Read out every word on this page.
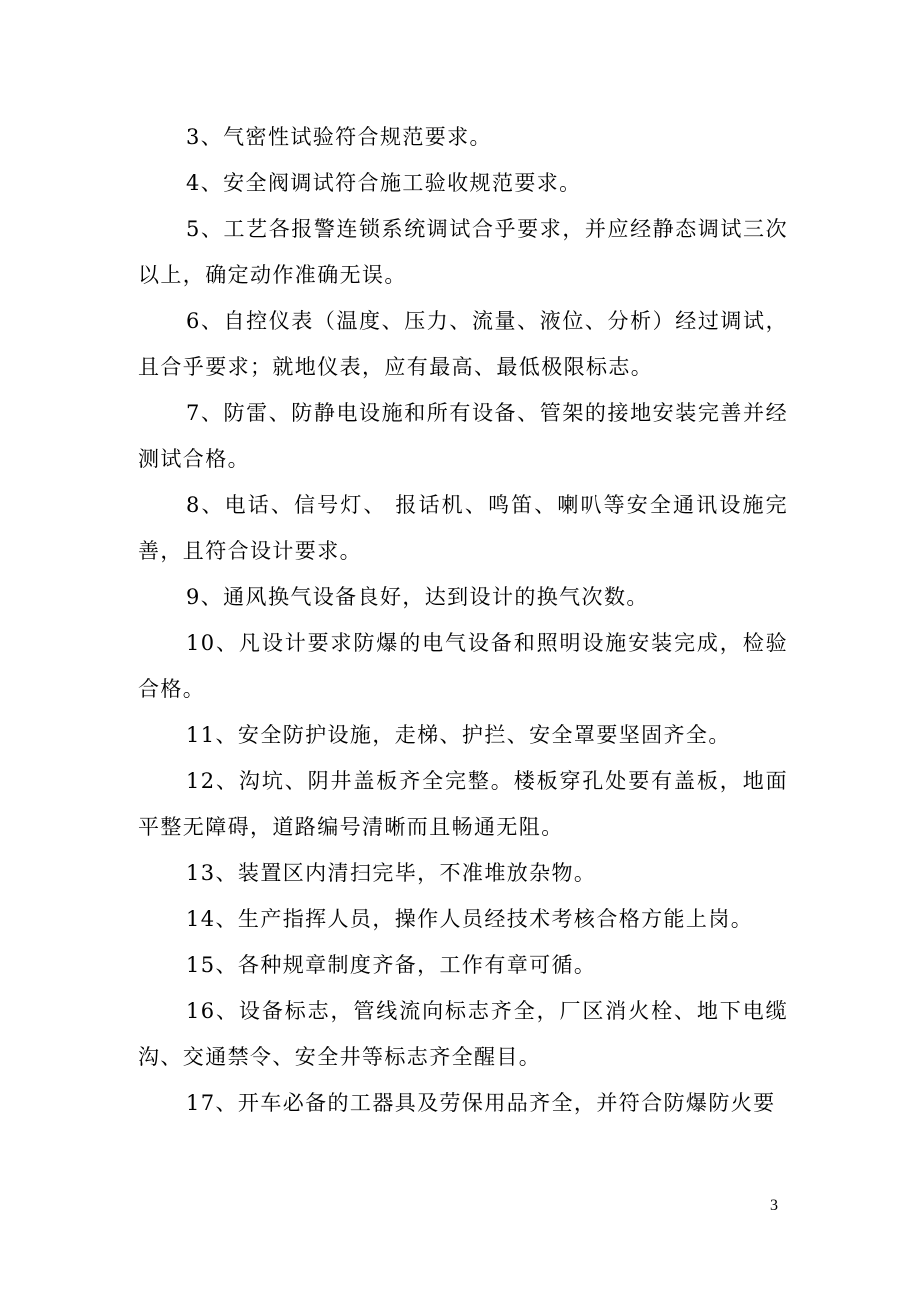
3、气密性试验符合规范要求。

4、安全阀调试符合施工验收规范要求。

5、工艺各报警连锁系统调试合乎要求，并应经静态调试三次以上，确定动作准确无误。

6、自控仪表（温度、压力、流量、液位、分析）经过调试，且合乎要求；就地仪表，应有最高、最低极限标志。

7、防雷、防静电设施和所有设备、管架的接地安装完善并经测试合格。

8、电话、信号灯、 报话机、鸣笛、喇叭等安全通讯设施完善，且符合设计要求。

9、通风换气设备良好，达到设计的换气次数。

10、凡设计要求防爆的电气设备和照明设施安装完成，检验合格。

11、安全防护设施，走梯、护拦、安全罩要坚固齐全。

12、沟坑、阴井盖板齐全完整。楼板穿孔处要有盖板，地面平整无障碍，道路编号清晰而且畅通无阻。

13、装置区内清扫完毕，不准堆放杂物。

14、生产指挥人员，操作人员经技术考核合格方能上岗。

15、各种规章制度齐备，工作有章可循。

16、设备标志，管线流向标志齐全，厂区消火栓、地下电缆沟、交通禁令、安全井等标志齐全醒目。

17、开车必备的工器具及劳保用品齐全，并符合防爆防火要

3
